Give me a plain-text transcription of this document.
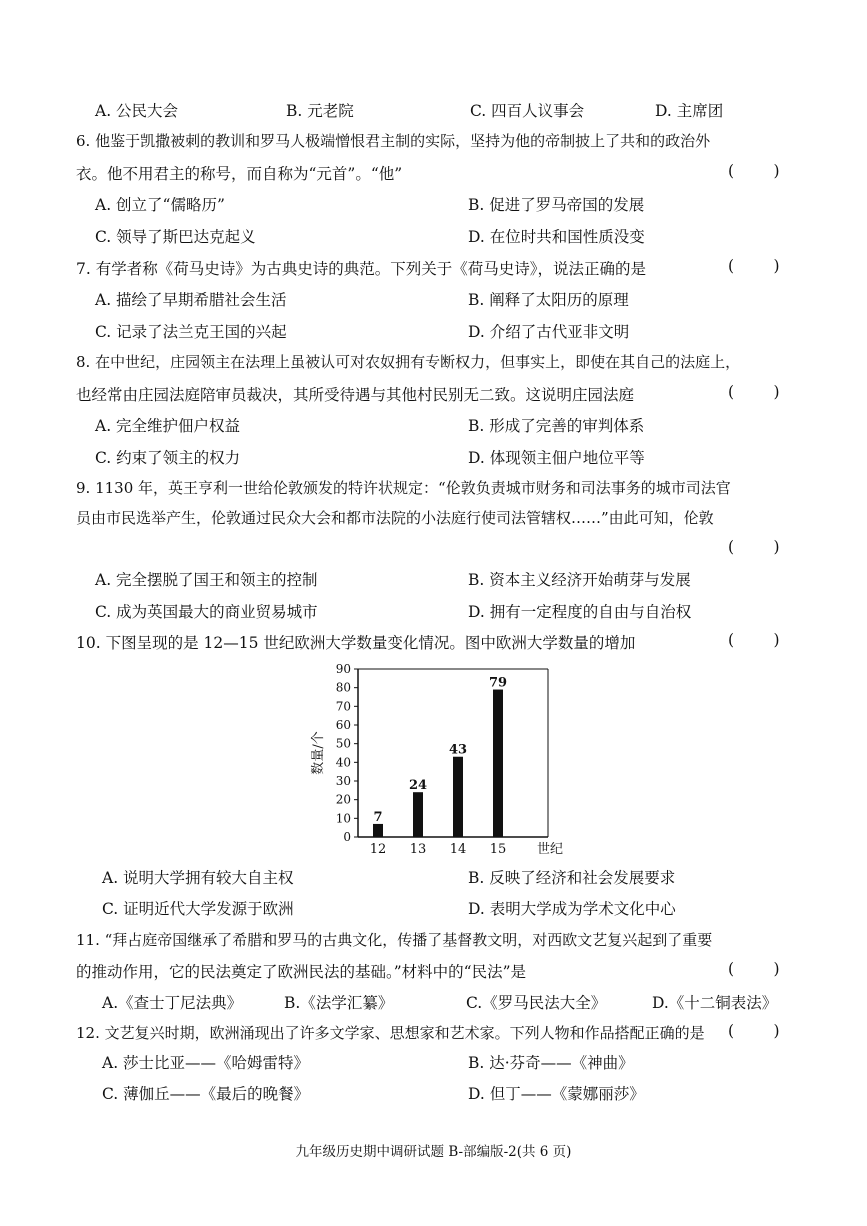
A. 公民大会	B. 元老院	C. 四百人议事会	D. 主席团
6. 他鉴于凯撒被刺的教训和罗马人极端憎恨君主制的实际，坚持为他的帝制披上了共和的政治外
衣。他不用君主的称号，而自称为“元首”。“他”	(        )
A. 创立了“儒略历”	B. 促进了罗马帝国的发展
C. 领导了斯巴达克起义	D. 在位时共和国性质没变
7. 有学者称《荷马史诗》为古典史诗的典范。下列关于《荷马史诗》，说法正确的是	(        )
A. 描绘了早期希腊社会生活	B. 阐释了太阳历的原理
C. 记录了法兰克王国的兴起	D. 介绍了古代亚非文明
8. 在中世纪，庄园领主在法理上虽被认可对农奴拥有专断权力，但事实上，即使在其自己的法庭上，
也经常由庄园法庭陪审员裁决，其所受待遇与其他村民别无二致。这说明庄园法庭	(        )
A. 完全维护佃户权益	B. 形成了完善的审判体系
C. 约束了领主的权力	D. 体现领主佃户地位平等
9. 1130 年，英王亨利一世给伦敦颁发的特许状规定：“伦敦负责城市财务和司法事务的城市司法官
员由市民选举产生，伦敦通过民众大会和都市法院的小法庭行使司法管辖权……”由此可知，伦敦
(        )
A. 完全摆脱了国王和领主的控制	B. 资本主义经济开始萌芽与发展
C. 成为英国最大的商业贸易城市	D. 拥有一定程度的自由与自治权
10. 下图呈现的是 12—15 世纪欧洲大学数量变化情况。图中欧洲大学数量的增加	(        )
0
10
20
30
40
50
60
70
80
90
数量/个
7
12
24
13
43
14
79
15 世纪
A. 说明大学拥有较大自主权	B. 反映了经济和社会发展要求
C. 证明近代大学发源于欧洲	D. 表明大学成为学术文化中心
11. “拜占庭帝国继承了希腊和罗马的古典文化，传播了基督教文明，对西欧文艺复兴起到了重要
的推动作用，它的民法奠定了欧洲民法的基础。”材料中的“民法”是	(        )
A.《查士丁尼法典》	B.《法学汇纂》	C.《罗马民法大全》	D.《十二铜表法》
12. 文艺复兴时期，欧洲涌现出了许多文学家、思想家和艺术家。下列人物和作品搭配正确的是 (        )
A. 莎士比亚——《哈姆雷特》	B. 达·芬奇——《神曲》
C. 薄伽丘——《最后的晚餐》	D. 但丁——《蒙娜丽莎》
九年级历史期中调研试题 B-部编版-2(共 6 页)
